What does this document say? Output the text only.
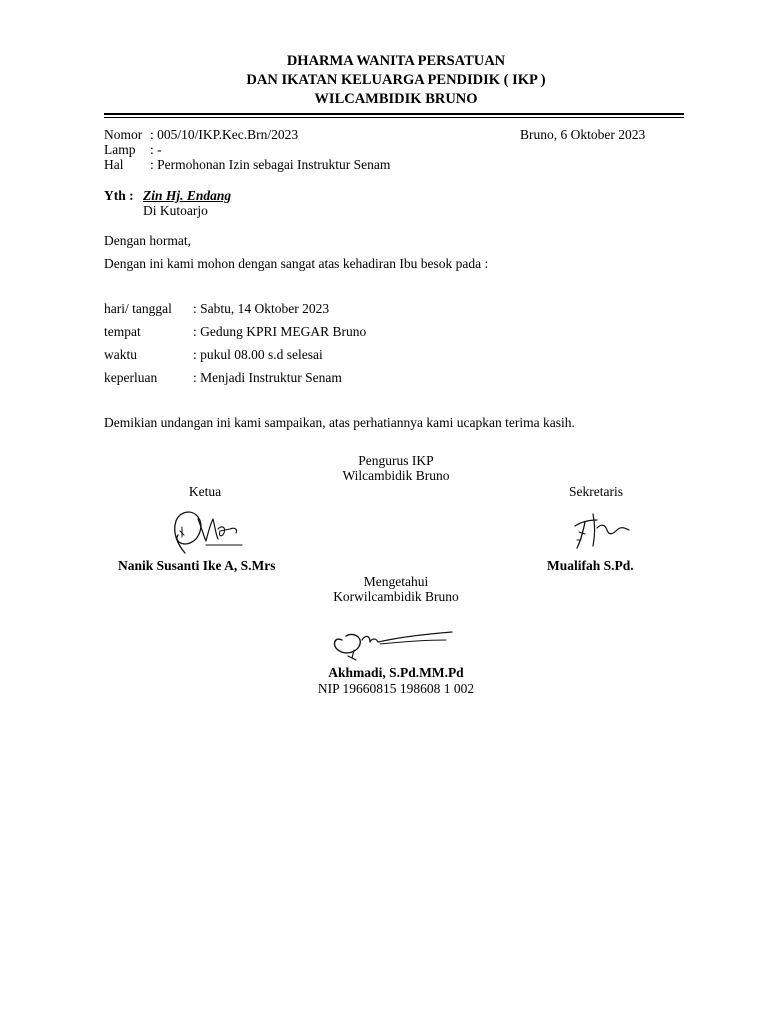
DHARMA WANITA PERSATUAN
DAN IKATAN KELUARGA PENDIDIK ( IKP )
WILCAMBIDIK BRUNO
Nomor : 005/10/IKP.Kec.Brn/2023	Bruno, 6 Oktober 2023
Lamp : -
Hal : Permohonan Izin sebagai Instruktur Senam
Yth : Zin Hj. Endang
Di Kutoarjo
Dengan hormat,
Dengan ini kami mohon dengan sangat atas kehadiran Ibu besok pada :
hari/ tanggal : Sabtu, 14 Oktober 2023
tempat	: Gedung KPRI MEGAR Bruno
waktu	: pukul 08.00 s.d selesai
keperluan	: Menjadi Instruktur Senam
Demikian undangan ini kami sampaikan, atas perhatiannya kami ucapkan terima kasih.
Pengurus IKP
Wilcambidik Bruno
Ketua	Sekretaris
Nanik Susanti Ike A, S.Mrs	Mualifah S.Pd.
Mengetahui
Korwilcambidik Bruno
Akhmadi, S.Pd.MM.Pd
NIP 19660815 198608 1 002
